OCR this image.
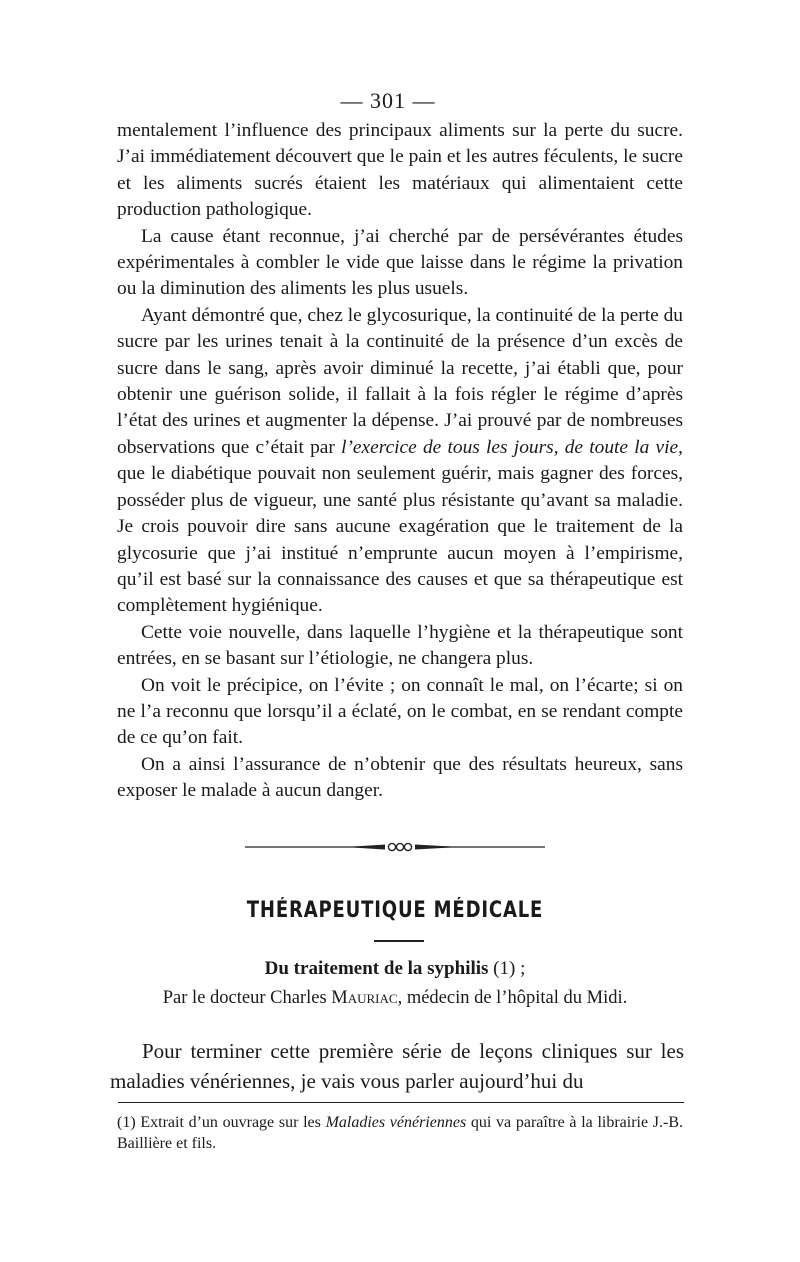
— 301 —

mentalement l’influence des principaux aliments sur la perte du sucre. J’ai immédiatement découvert que le pain et les autres féculents, le sucre et les aliments sucrés étaient les matériaux qui alimentaient cette production pathologique.

La cause étant reconnue, j’ai cherché par de persévérantes études expérimentales à combler le vide que laisse dans le régime la privation ou la diminution des aliments les plus usuels.

Ayant démontré que, chez le glycosurique, la continuité de la perte du sucre par les urines tenait à la continuité de la présence d’un excès de sucre dans le sang, après avoir diminué la recette, j’ai établi que, pour obtenir une guérison solide, il fallait à la fois régler le régime d’après l’état des urines et augmenter la dépense. J’ai prouvé par de nombreuses observations que c’était par l’exercice de tous les jours, de toute la vie, que le diabétique pouvait non seulement guérir, mais gagner des forces, posséder plus de vigueur, une santé plus résistante qu’avant sa maladie. Je crois pouvoir dire sans aucune exagération que le traitement de la glycosurie que j’ai institué n’emprunte aucun moyen à l’empirisme, qu’il est basé sur la connaissance des causes et que sa thérapeutique est complètement hygiénique.

Cette voie nouvelle, dans laquelle l’hygiène et la thérapeutique sont entrées, en se basant sur l’étiologie, ne changera plus.

On voit le précipice, on l’évite ; on connaît le mal, on l’écarte; si on ne l’a reconnu que lorsqu’il a éclaté, on le combat, en se rendant compte de ce qu’on fait.

On a ainsi l’assurance de n’obtenir que des résultats heureux, sans exposer le malade à aucun danger.

THÉRAPEUTIQUE MÉDICALE
Du traitement de la syphilis (1) ;
Par le docteur Charles Mauriac, médecin de l’hôpital du Midi.

Pour terminer cette première série de leçons cliniques sur les maladies vénériennes, je vais vous parler aujourd’hui du

(1) Extrait d’un ouvrage sur les Maladies vénériennes qui va paraître à la librairie J.-B. Baillière et fils.
